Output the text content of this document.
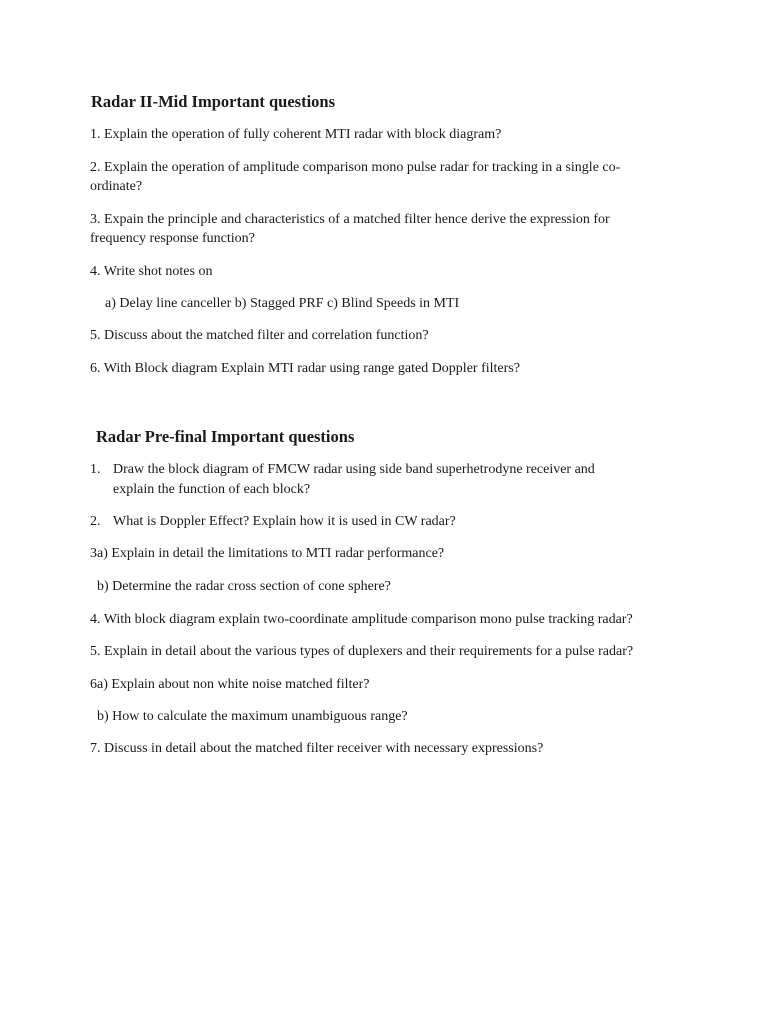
Radar II-Mid Important questions
1. Explain the operation of fully coherent MTI radar with block diagram?
2. Explain the operation of amplitude comparison mono pulse radar for tracking in a single co-
ordinate?
3. Expain the principle and characteristics of a matched filter hence derive the expression for
frequency response function?
4. Write shot notes on
a) Delay line canceller b) Stagged PRF c) Blind Speeds in MTI
5. Discuss about the matched filter and correlation function?
6. With Block diagram Explain MTI radar using range gated Doppler filters?
Radar Pre-final Important questions
1. Draw the block diagram of FMCW radar using side band superhetrodyne receiver and
explain the function of each block?
2. What is Doppler Effect? Explain how it is used in CW radar?
3a) Explain in detail the limitations to MTI radar performance?
b) Determine the radar cross section of cone sphere?
4. With block diagram explain two-coordinate amplitude comparison mono pulse tracking radar?
5. Explain in detail about the various types of duplexers and their requirements for a pulse radar?
6a) Explain about non white noise matched filter?
b) How to calculate the maximum unambiguous range?
7. Discuss in detail about the matched filter receiver with necessary expressions?
